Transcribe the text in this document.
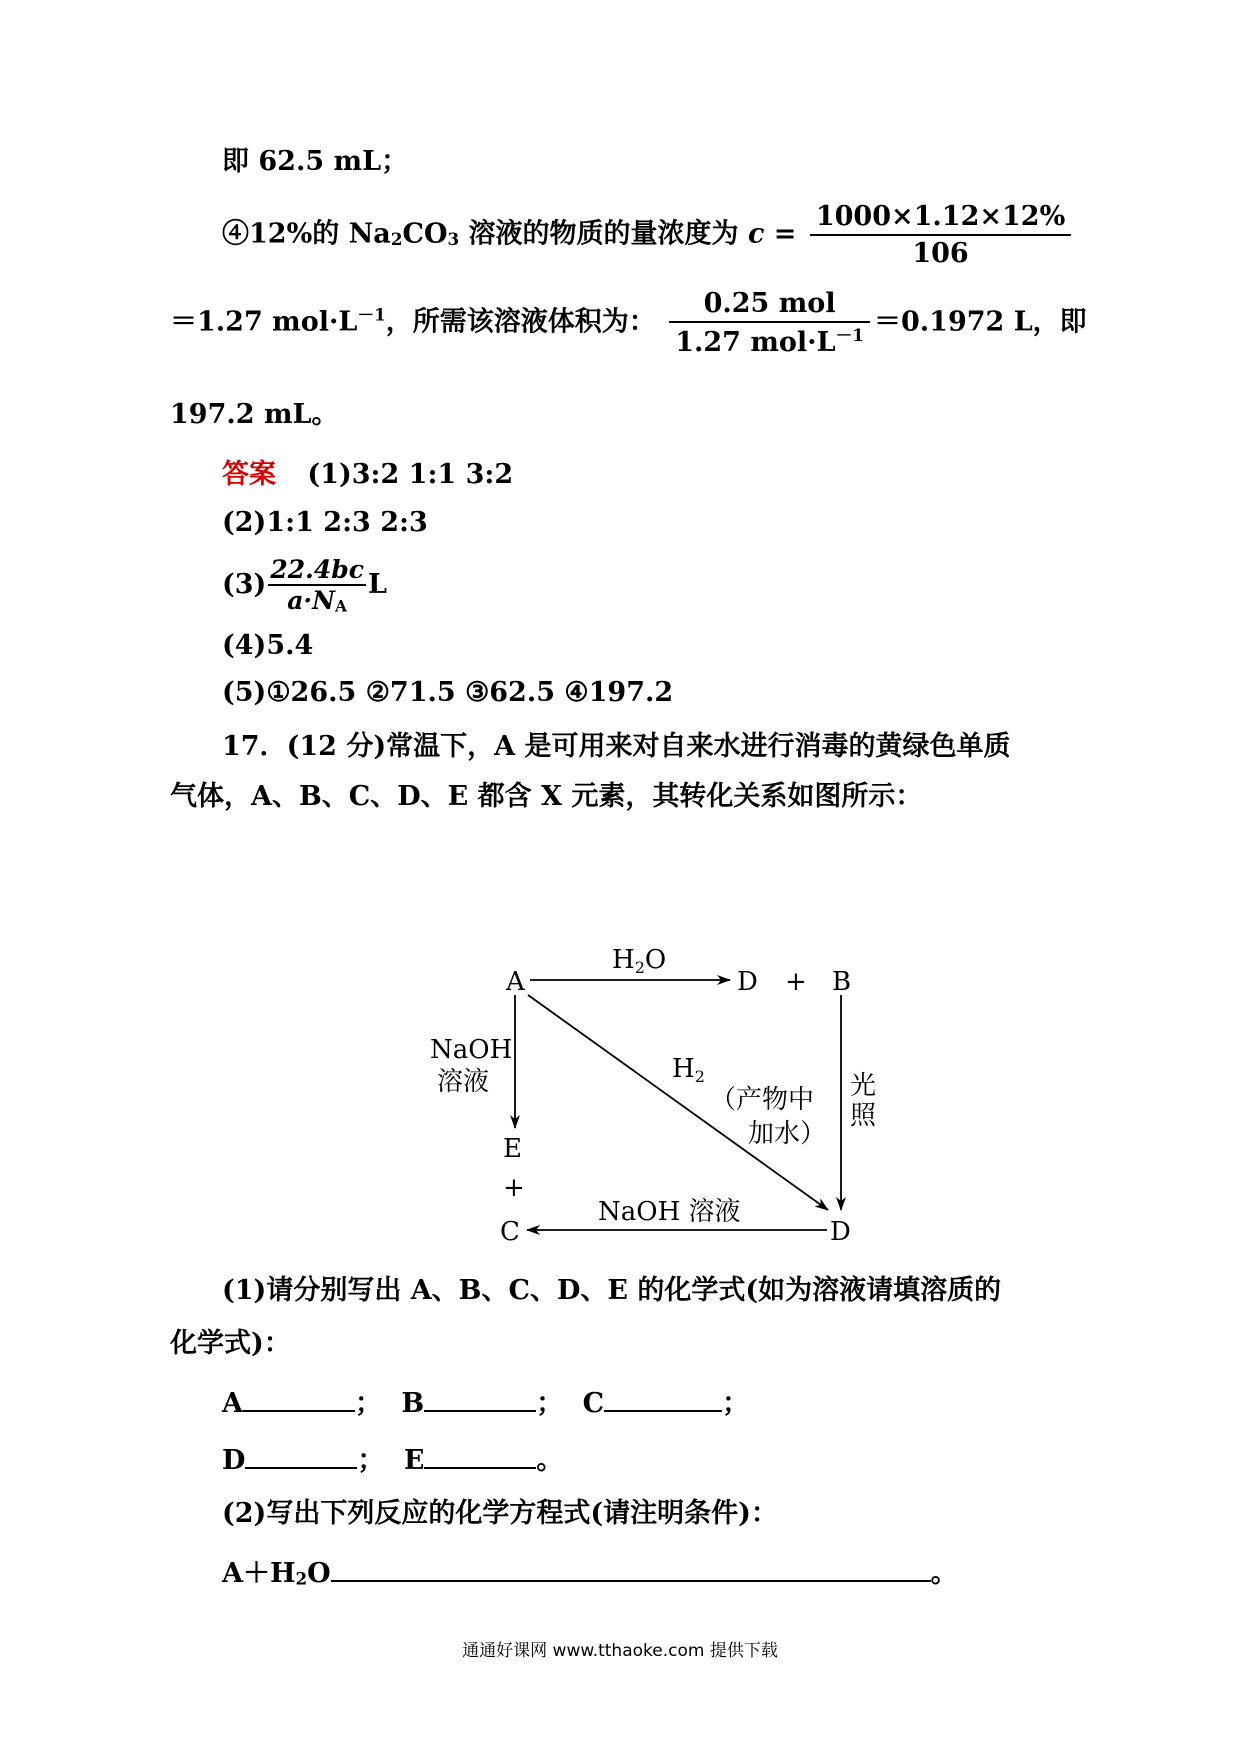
即 62.5 mL；
④12%的 $Na_2CO_3$ 溶液的物质的量浓度为 $c = \frac{1000\times 1.12\times 12\%}{106}$
＝1.27 $mol\cdot L^{-1}$，所需该溶液体积为： $\frac{\text{0.25 mol}}{1.27 mol\cdot L^{-1}} =0.1972$ L，即
197.2 mL。
答案 (1)3:2 1:1 3:2
(2)1:1 2:3 2:3
$(3) \frac{22.4bc}{a\cdot N_A}$ L
(4)5.4
(5)①26.5 ②71.5 ③62.5 ④197.2
17．(12 分)常温下，A 是可用来对自来水进行消毒的黄绿色单质
气体，A、B、C、D、E 都含 X 元素，其转化关系如图所示：
A	D + B
E
+
C	D
H2O
NaOH
溶液	H2
（产物中
加水）
光
照
NaOH 溶液
(1)请分别写出 A、B、C、D、E 的化学式(如为溶液请填溶质的
化学式)：
A	； B	； C	；
D	； E	。
(2)写出下列反应的化学方程式(请注明条件)：
$A+H_2O$	。
通通好课网 www.tthaoke.com 提供下载
